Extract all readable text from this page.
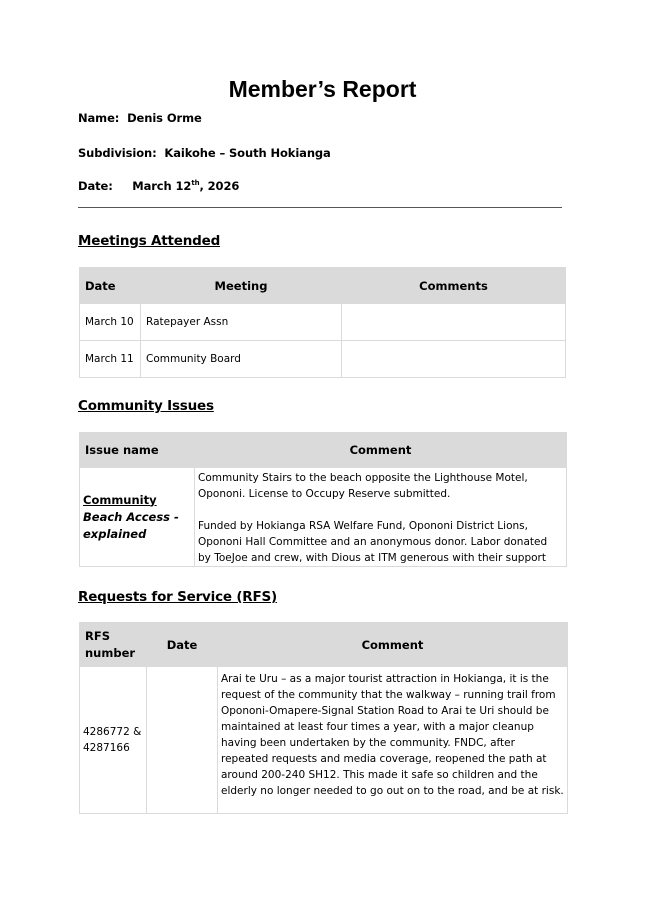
Member’s Report
Name: Denis Orme
Subdivision: Kaikohe – South Hokianga
Date: March 12th, 2026
Meetings Attended
Date	Meeting	Comments
March 10	Ratepayer Assn	
March 11	Community Board	
Community Issues
Issue name	Comment
Community Beach Access -explained	Community Stairs to the beach opposite the Lighthouse Motel, Opononi. License to Occupy Reserve submitted.
Funded by Hokianga RSA Welfare Fund, Opononi District Lions, Opononi Hall Committee and an anonymous donor. Labor donated by ToeJoe and crew, with Dious at ITM generous with their support
Requests for Service (RFS)
RFS number	Date	Comment
4286772 & 4287166		Arai te Uru – as a major tourist attraction in Hokianga, it is the request of the community that the walkway – running trail from Opononi-Omapere-Signal Station Road to Arai te Uri should be maintained at least four times a year, with a major cleanup having been undertaken by the community. FNDC, after repeated requests and media coverage, reopened the path at around 200-240 SH12. This made it safe so children and the elderly no longer needed to go out on to the road, and be at risk.
